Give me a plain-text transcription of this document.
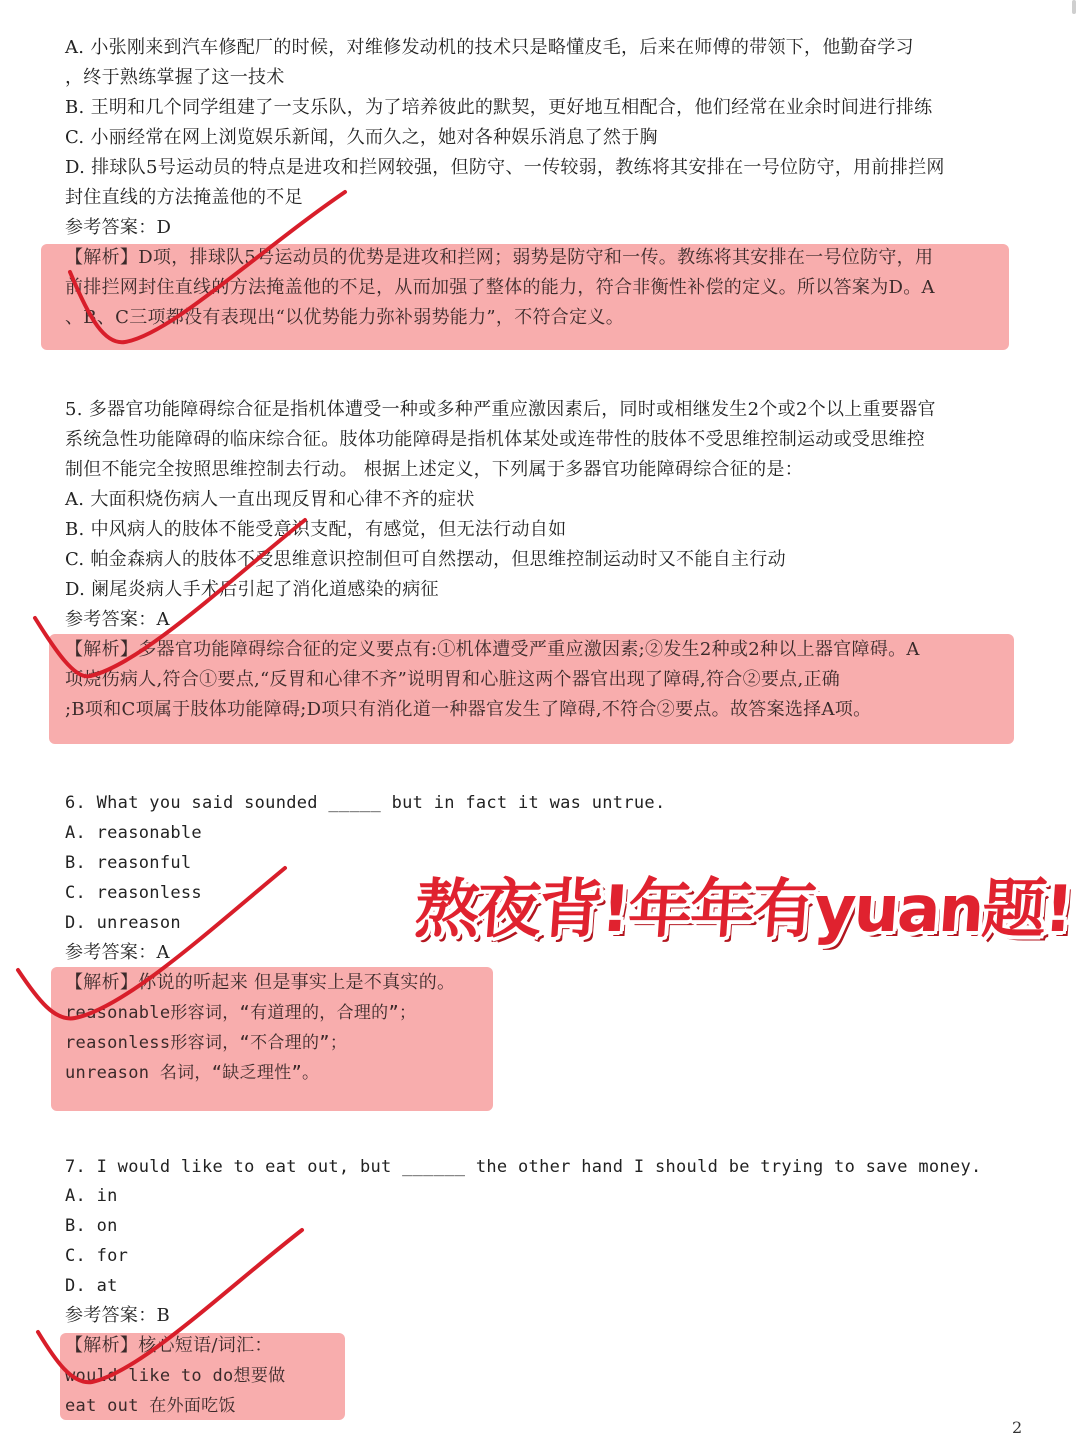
A. 小张刚来到汽车修配厂的时候，对维修发动机的技术只是略懂皮毛，后来在师傅的带领下，他勤奋学习
，终于熟练掌握了这一技术
B. 王明和几个同学组建了一支乐队，为了培养彼此的默契，更好地互相配合，他们经常在业余时间进行排练
C. 小丽经常在网上浏览娱乐新闻，久而久之，她对各种娱乐消息了然于胸
D. 排球队5号运动员的特点是进攻和拦网较强，但防守、一传较弱，教练将其安排在一号位防守，用前排拦网
封住直线的方法掩盖他的不足
参考答案：D
【解析】D项，排球队5号运动员的优势是进攻和拦网；弱势是防守和一传。教练将其安排在一号位防守，用
前排拦网封住直线的方法掩盖他的不足，从而加强了整体的能力，符合非衡性补偿的定义。所以答案为D。A
、B、C三项都没有表现出“以优势能力弥补弱势能力”，不符合定义。
5. 多器官功能障碍综合征是指机体遭受一种或多种严重应激因素后，同时或相继发生2个或2个以上重要器官
系统急性功能障碍的临床综合征。肢体功能障碍是指机体某处或连带性的肢体不受思维控制运动或受思维控
制但不能完全按照思维控制去行动。 根据上述定义，下列属于多器官功能障碍综合征的是：
A. 大面积烧伤病人一直出现反胃和心律不齐的症状
B. 中风病人的肢体不能受意识支配，有感觉，但无法行动自如
C. 帕金森病人的肢体不受思维意识控制但可自然摆动，但思维控制运动时又不能自主行动
D. 阑尾炎病人手术后引起了消化道感染的病征
参考答案：A
【解析】多器官功能障碍综合征的定义要点有:①机体遭受严重应激因素;②发生2种或2种以上器官障碍。A
项烧伤病人,符合①要点,“反胃和心律不齐”说明胃和心脏这两个器官出现了障碍,符合②要点,正确
;B项和C项属于肢体功能障碍;D项只有消化道一种器官发生了障碍,不符合②要点。故答案选择A项。
6. What you said sounded _____ but in fact it was untrue.
A. reasonable
B. reasonful
C. reasonless
D. unreason
参考答案：A
【解析】你说的听起来 但是事实上是不真实的。
reasonable形容词，“有道理的，合理的”；
reasonless形容词，“不合理的”；
unreason 名词，“缺乏理性”。
7. I would like to eat out, but ______ the other hand I should be trying to save money.
A. in
B. on
C. for
D. at
参考答案：B
【解析】核心短语/词汇：
would like to do想要做
eat out 在外面吃饭
熬夜背!年年有yuan题!
2
